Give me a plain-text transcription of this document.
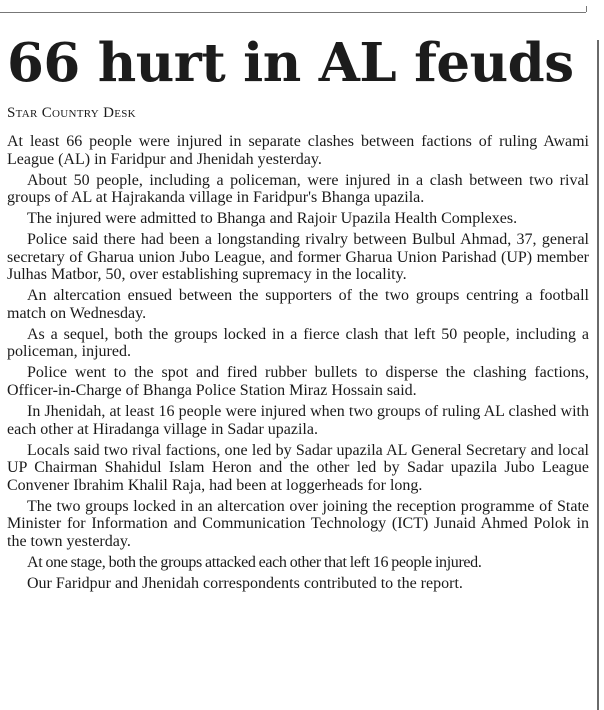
66 hurt in AL feuds
Star Country Desk

At least 66 people were injured in separate clashes between factions of ruling Awami League (AL) in Faridpur and Jhenidah yesterday.

About 50 people, including a policeman, were injured in a clash between two rival groups of AL at Hajrakanda village in Faridpur's Bhanga upazila.

The injured were admitted to Bhanga and Rajoir Upazila Health Complexes.

Police said there had been a longstanding rivalry between Bulbul Ahmad, 37, general secretary of Gharua union Jubo League, and former Gharua Union Parishad (UP) member Julhas Matbor, 50, over establishing supremacy in the locality.

An altercation ensued between the supporters of the two groups centring a football match on Wednesday.

As a sequel, both the groups locked in a fierce clash that left 50 people, including a policeman, injured.

Police went to the spot and fired rubber bullets to disperse the clashing factions, Officer-in-Charge of Bhanga Police Station Miraz Hossain said.

In Jhenidah, at least 16 people were injured when two groups of ruling AL clashed with each other at Hiradanga village in Sadar upazila.

Locals said two rival factions, one led by Sadar upazila AL General Secretary and local UP Chairman Shahidul Islam Heron and the other led by Sadar upazila Jubo League Convener Ibrahim Khalil Raja, had been at loggerheads for long.

The two groups locked in an altercation over joining the reception programme of State Minister for Information and Communication Technology (ICT) Junaid Ahmed Polok in the town yesterday.

At one stage, both the groups attacked each other that left 16 people injured.

Our Faridpur and Jhenidah correspondents contributed to the report.
